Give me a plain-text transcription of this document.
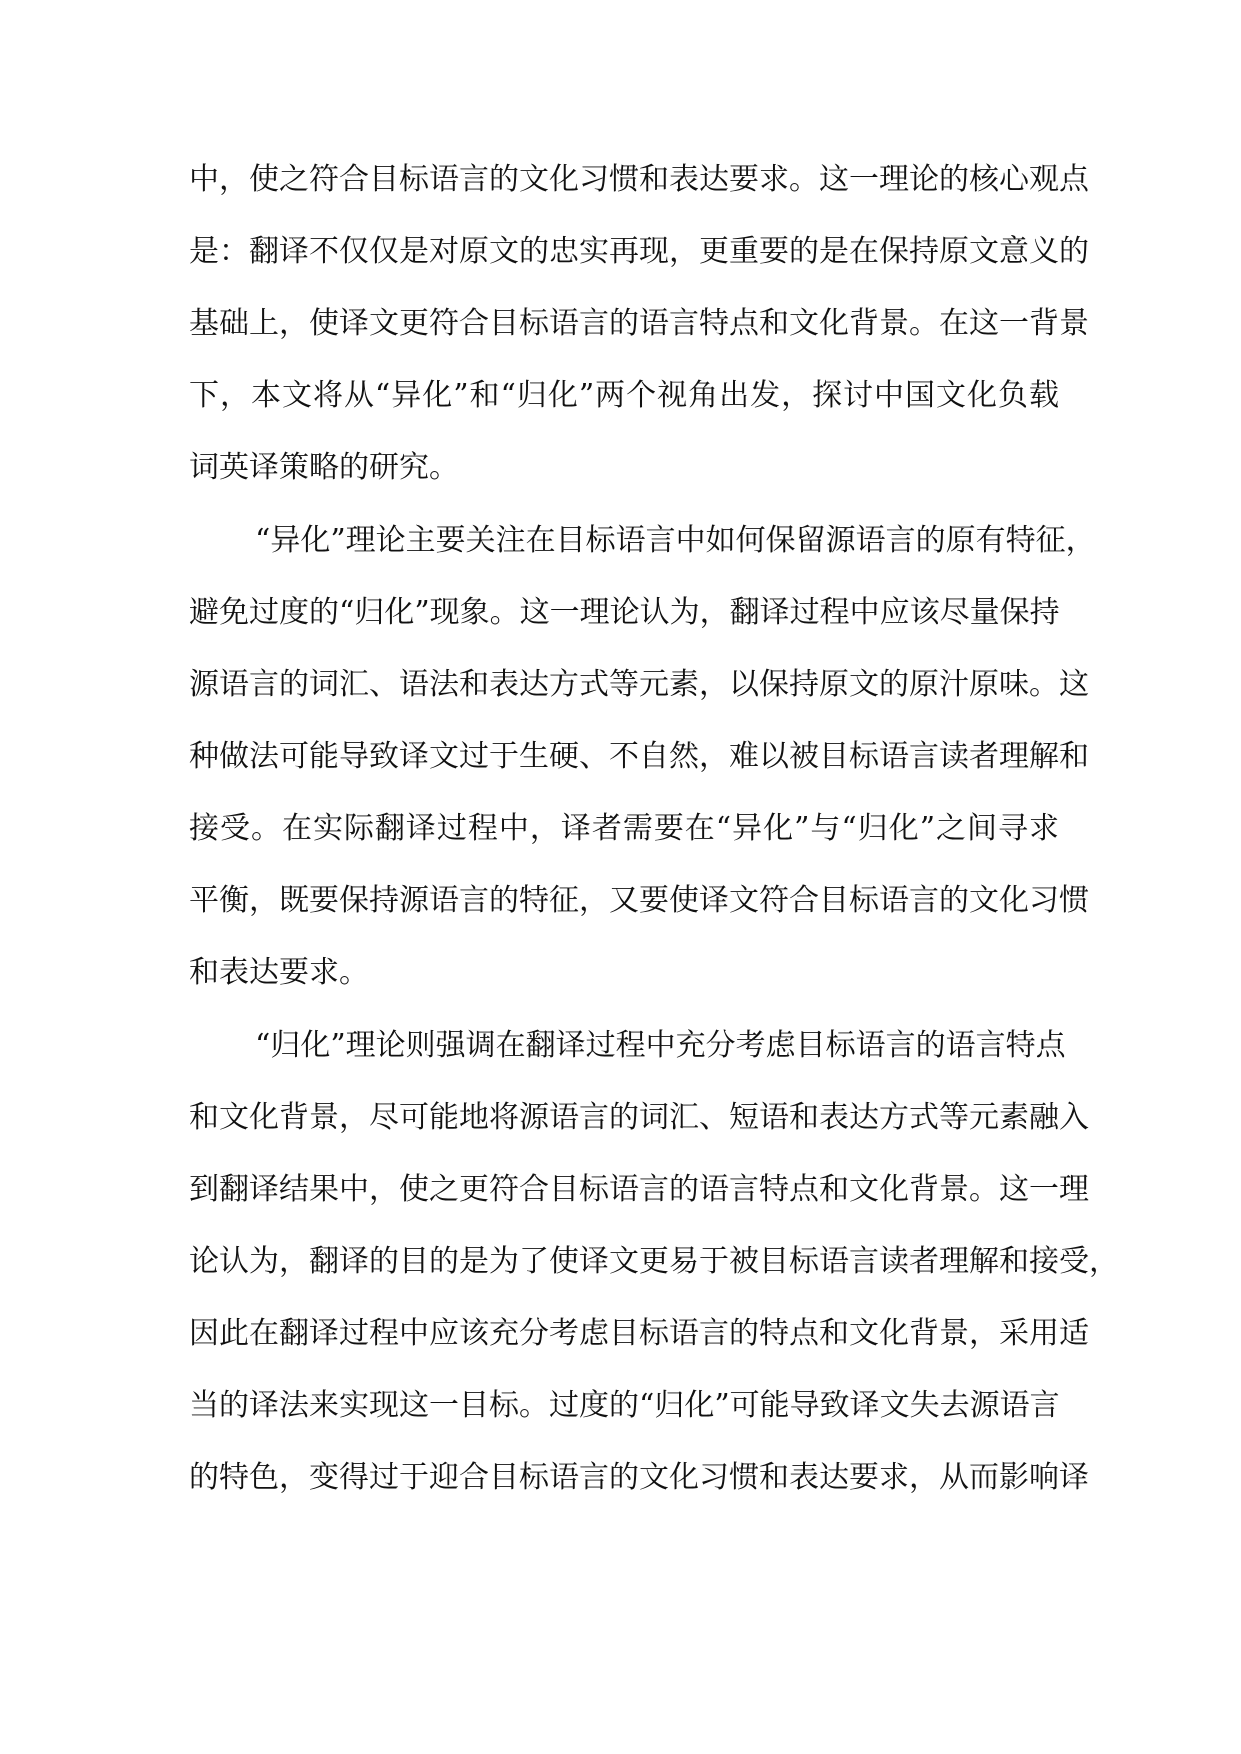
中，使之符合目标语言的文化习惯和表达要求。这一理论的核心观点
是：翻译不仅仅是对原文的忠实再现，更重要的是在保持原文意义的
基础上，使译文更符合目标语言的语言特点和文化背景。在这一背景
下，本文将从“异化”和“归化”两个视角出发，探讨中国文化负载
词英译策略的研究。
“异化”理论主要关注在目标语言中如何保留源语言的原有特征，
避免过度的“归化”现象。这一理论认为，翻译过程中应该尽量保持
源语言的词汇、语法和表达方式等元素，以保持原文的原汁原味。这
种做法可能导致译文过于生硬、不自然，难以被目标语言读者理解和
接受。在实际翻译过程中，译者需要在“异化”与“归化”之间寻求
平衡，既要保持源语言的特征，又要使译文符合目标语言的文化习惯
和表达要求。
“归化”理论则强调在翻译过程中充分考虑目标语言的语言特点
和文化背景，尽可能地将源语言的词汇、短语和表达方式等元素融入
到翻译结果中，使之更符合目标语言的语言特点和文化背景。这一理
论认为，翻译的目的是为了使译文更易于被目标语言读者理解和接受，
因此在翻译过程中应该充分考虑目标语言的特点和文化背景，采用适
当的译法来实现这一目标。过度的“归化”可能导致译文失去源语言
的特色，变得过于迎合目标语言的文化习惯和表达要求，从而影响译
